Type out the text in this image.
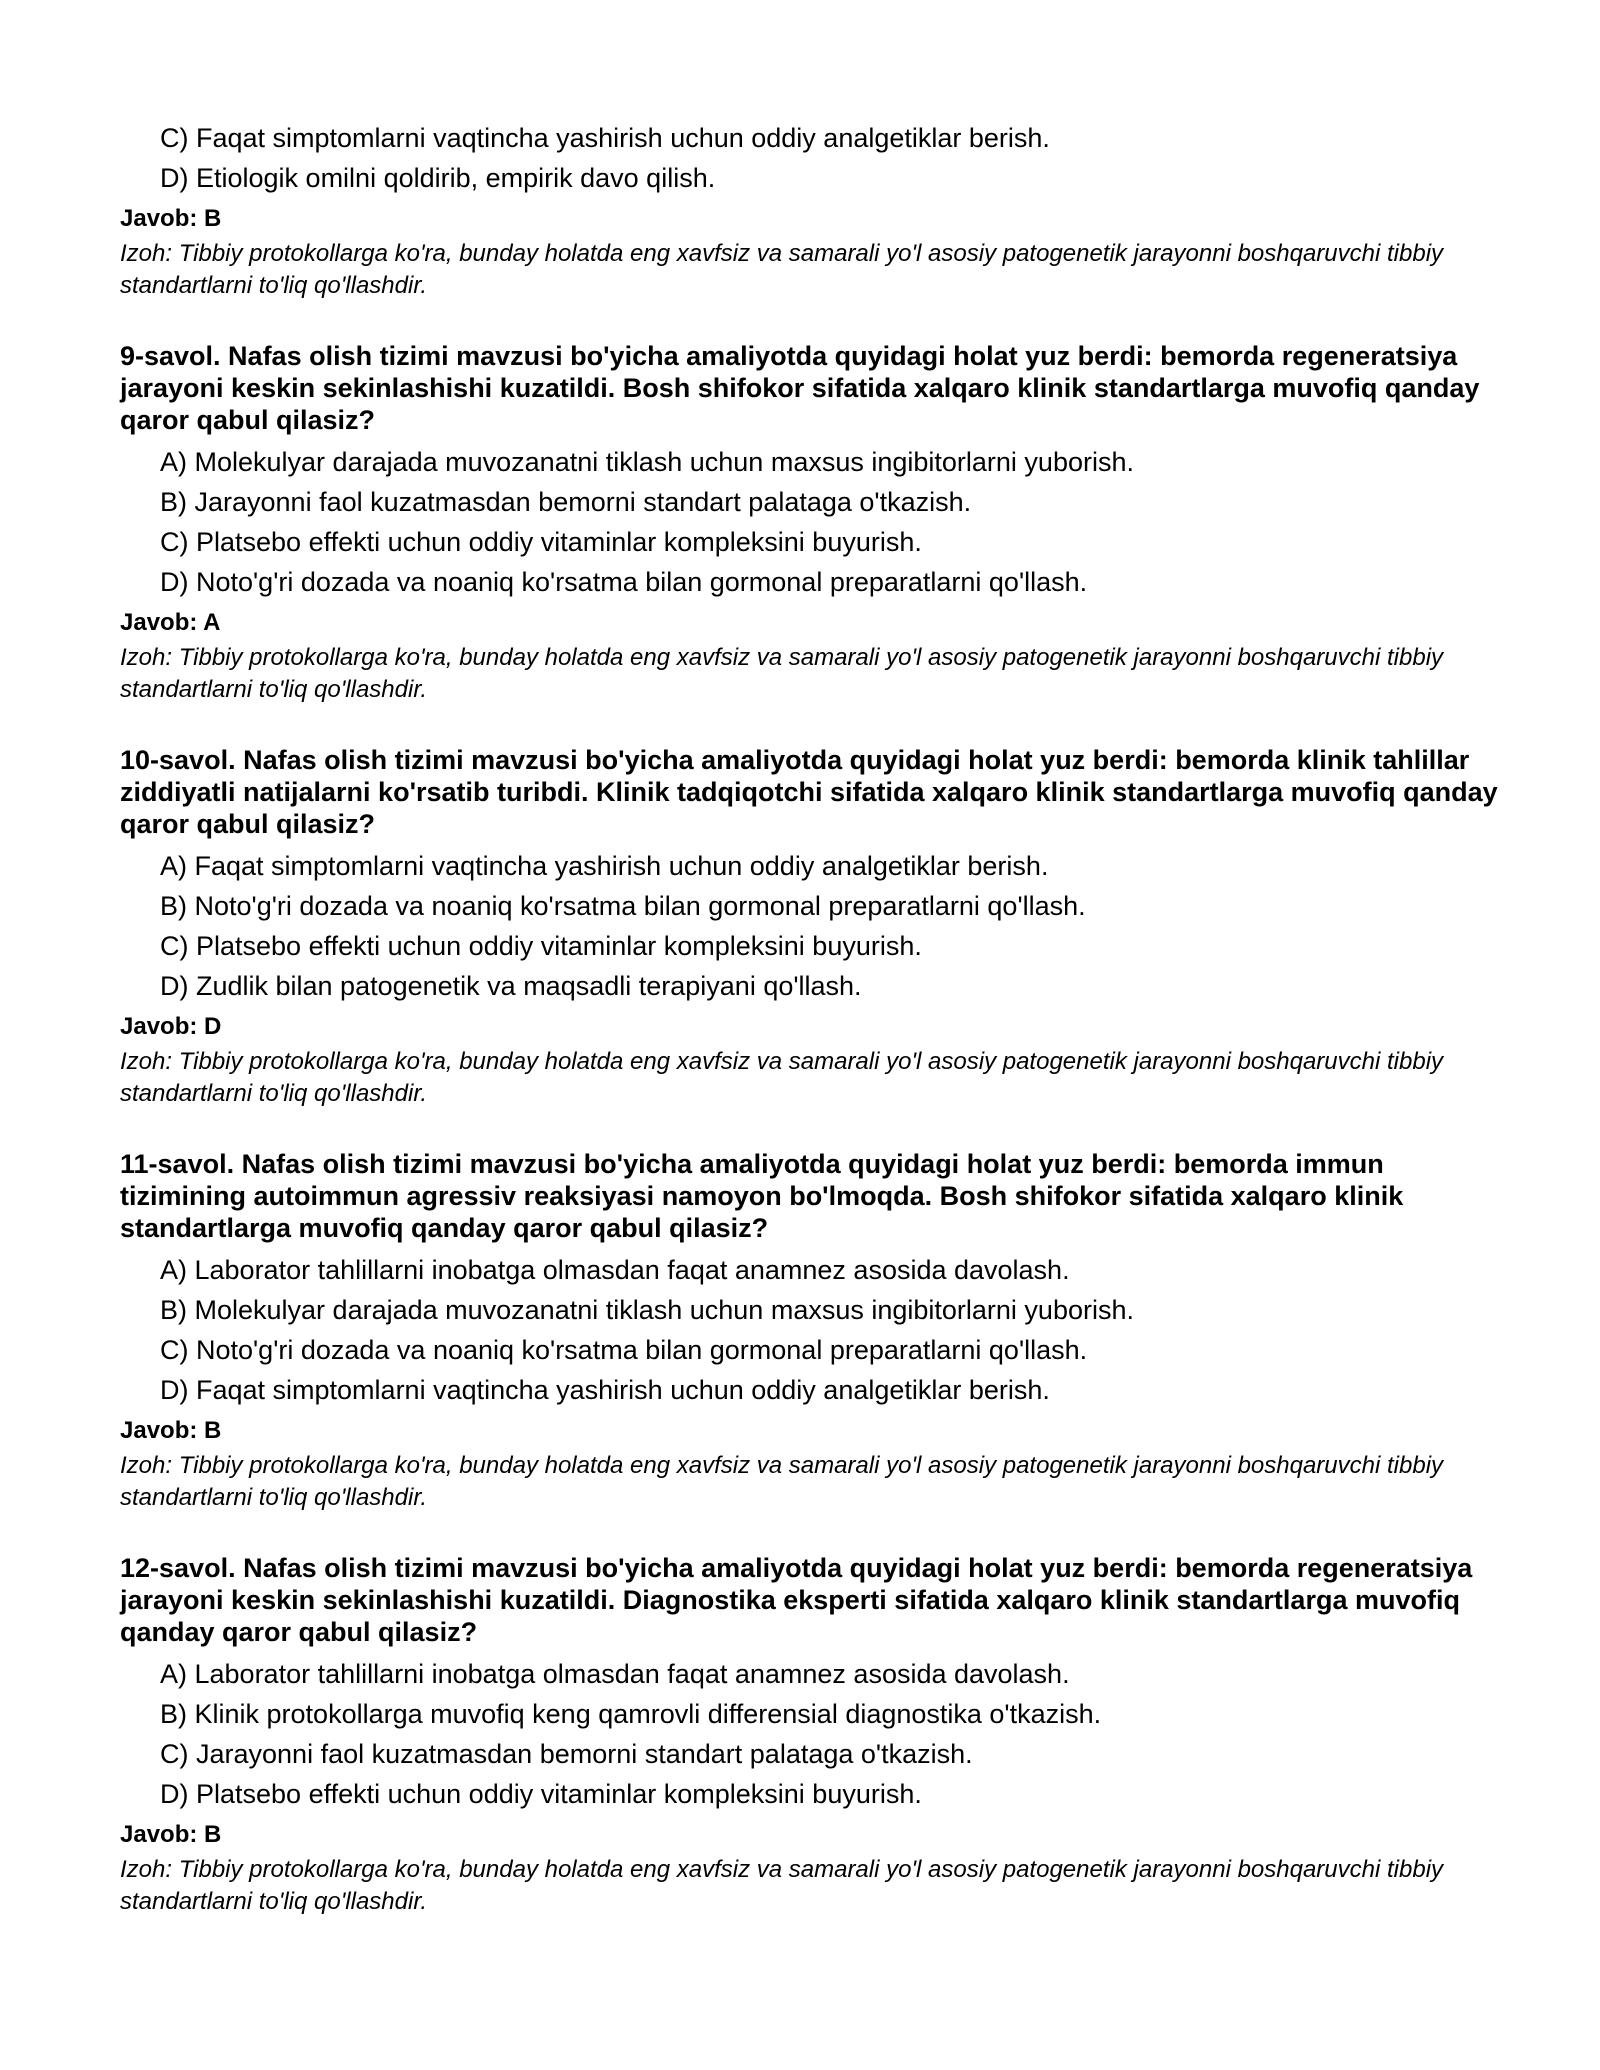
C) Faqat simptomlarni vaqtincha yashirish uchun oddiy analgetiklar berish.
D) Etiologik omilni qoldirib, empirik davo qilish.
Javob: B
Izoh: Tibbiy protokollarga ko'ra, bunday holatda eng xavfsiz va samarali yo'l asosiy patogenetik jarayonni boshqaruvchi tibbiy standartlarni to'liq qo'llashdir.
9-savol. Nafas olish tizimi mavzusi bo'yicha amaliyotda quyidagi holat yuz berdi: bemorda regeneratsiya jarayoni keskin sekinlashishi kuzatildi. Bosh shifokor sifatida xalqaro klinik standartlarga muvofiq qanday qaror qabul qilasiz?
A) Molekulyar darajada muvozanatni tiklash uchun maxsus ingibitorlarni yuborish.
B) Jarayonni faol kuzatmasdan bemorni standart palataga o'tkazish.
C) Platsebo effekti uchun oddiy vitaminlar kompleksini buyurish.
D) Noto'g'ri dozada va noaniq ko'rsatma bilan gormonal preparatlarni qo'llash.
Javob: A
Izoh: Tibbiy protokollarga ko'ra, bunday holatda eng xavfsiz va samarali yo'l asosiy patogenetik jarayonni boshqaruvchi tibbiy standartlarni to'liq qo'llashdir.
10-savol. Nafas olish tizimi mavzusi bo'yicha amaliyotda quyidagi holat yuz berdi: bemorda klinik tahlillar ziddiyatli natijalarni ko'rsatib turibdi. Klinik tadqiqotchi sifatida xalqaro klinik standartlarga muvofiq qanday qaror qabul qilasiz?
A) Faqat simptomlarni vaqtincha yashirish uchun oddiy analgetiklar berish.
B) Noto'g'ri dozada va noaniq ko'rsatma bilan gormonal preparatlarni qo'llash.
C) Platsebo effekti uchun oddiy vitaminlar kompleksini buyurish.
D) Zudlik bilan patogenetik va maqsadli terapiyani qo'llash.
Javob: D
Izoh: Tibbiy protokollarga ko'ra, bunday holatda eng xavfsiz va samarali yo'l asosiy patogenetik jarayonni boshqaruvchi tibbiy standartlarni to'liq qo'llashdir.
11-savol. Nafas olish tizimi mavzusi bo'yicha amaliyotda quyidagi holat yuz berdi: bemorda immun tizimining autoimmun agressiv reaksiyasi namoyon bo'lmoqda. Bosh shifokor sifatida xalqaro klinik standartlarga muvofiq qanday qaror qabul qilasiz?
A) Laborator tahlillarni inobatga olmasdan faqat anamnez asosida davolash.
B) Molekulyar darajada muvozanatni tiklash uchun maxsus ingibitorlarni yuborish.
C) Noto'g'ri dozada va noaniq ko'rsatma bilan gormonal preparatlarni qo'llash.
D) Faqat simptomlarni vaqtincha yashirish uchun oddiy analgetiklar berish.
Javob: B
Izoh: Tibbiy protokollarga ko'ra, bunday holatda eng xavfsiz va samarali yo'l asosiy patogenetik jarayonni boshqaruvchi tibbiy standartlarni to'liq qo'llashdir.
12-savol. Nafas olish tizimi mavzusi bo'yicha amaliyotda quyidagi holat yuz berdi: bemorda regeneratsiya jarayoni keskin sekinlashishi kuzatildi. Diagnostika eksperti sifatida xalqaro klinik standartlarga muvofiq qanday qaror qabul qilasiz?
A) Laborator tahlillarni inobatga olmasdan faqat anamnez asosida davolash.
B) Klinik protokollarga muvofiq keng qamrovli differensial diagnostika o'tkazish.
C) Jarayonni faol kuzatmasdan bemorni standart palataga o'tkazish.
D) Platsebo effekti uchun oddiy vitaminlar kompleksini buyurish.
Javob: B
Izoh: Tibbiy protokollarga ko'ra, bunday holatda eng xavfsiz va samarali yo'l asosiy patogenetik jarayonni boshqaruvchi tibbiy standartlarni to'liq qo'llashdir.
